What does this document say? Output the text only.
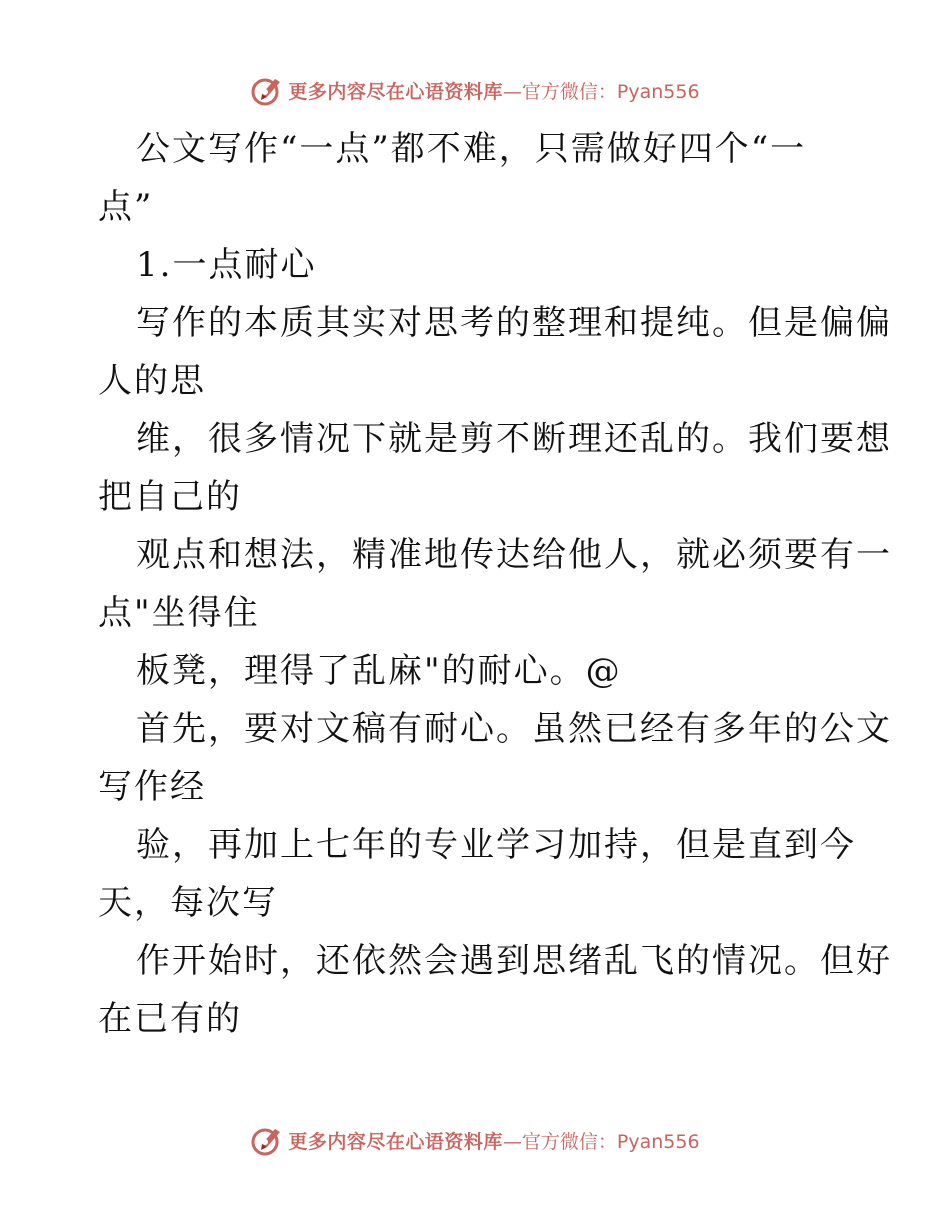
更多内容尽在心语资料库 —官方微信：Pyan556
公文写作“一点”都不难，只需做好四个“一
点”
1.一点耐心
写作的本质其实对思考的整理和提纯。但是偏偏
人的思
维，很多情况下就是剪不断理还乱的。我们要想
把自己的
观点和想法，精准地传达给他人，就必须要有一
点"坐得住
板凳，理得了乱麻"的耐心。@
首先，要对文稿有耐心。虽然已经有多年的公文
写作经
验，再加上七年的专业学习加持，但是直到今
天，每次写
作开始时，还依然会遇到思绪乱飞的情况。但好
在已有的
更多内容尽在心语资料库 —官方微信：Pyan556
